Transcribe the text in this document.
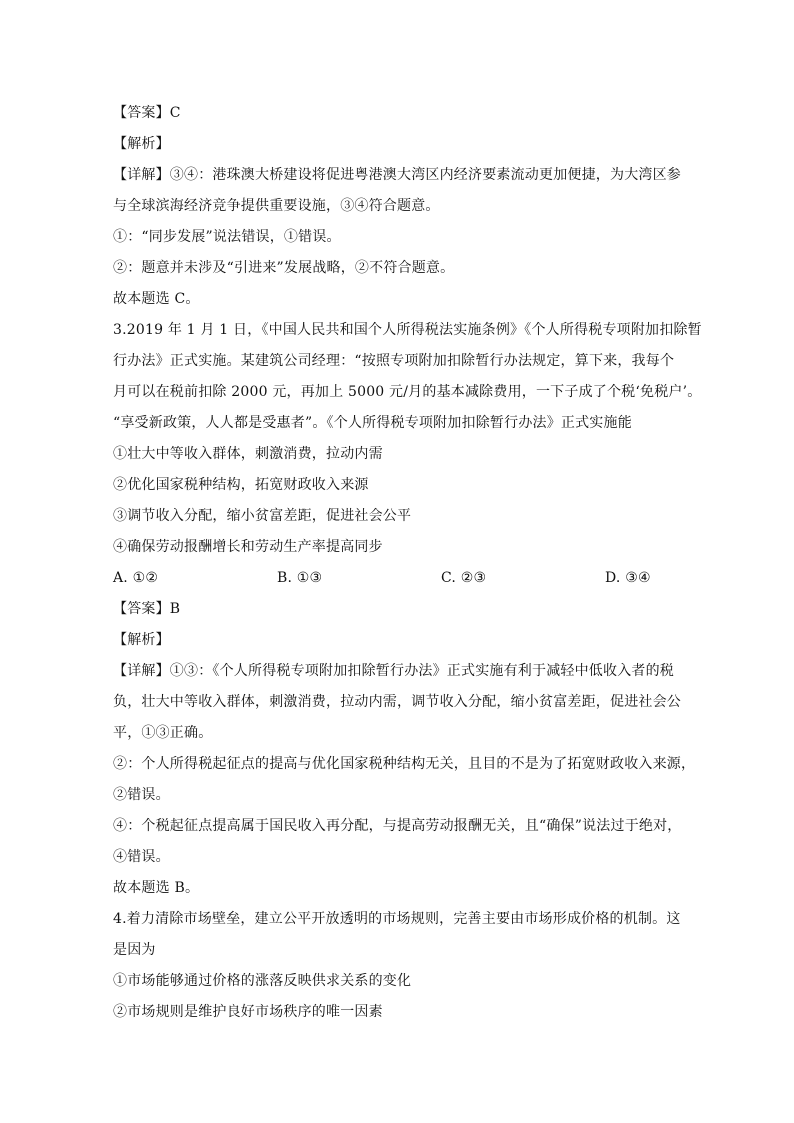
【答案】C
【解析】
【详解】③④：港珠澳大桥建设将促进粤港澳大湾区内经济要素流动更加便捷，为大湾区参
与全球滨海经济竞争提供重要设施，③④符合题意。
①：“同步发展”说法错误，①错误。
②：题意并未涉及“引进来”发展战略，②不符合题意。
故本题选 C。
3.2019 年 1 月 1 日，《中国人民共和国个人所得税法实施条例》《个人所得税专项附加扣除暂
行办法》正式实施。某建筑公司经理：“按照专项附加扣除暂行办法规定，算下来，我每个
月可以在税前扣除 2000 元，再加上 5000 元/月的基本减除费用，一下子成了个税‘免税户’。
“享受新政策，人人都是受惠者”。《个人所得税专项附加扣除暂行办法》正式实施能
①壮大中等收入群体，刺激消费，拉动内需
②优化国家税种结构，拓宽财政收入来源
③调节收入分配，缩小贫富差距，促进社会公平
④确保劳动报酬增长和劳动生产率提高同步
A. ①②	B. ①③	C. ②③	D. ③④
【答案】B
【解析】
【详解】①③：《个人所得税专项附加扣除暂行办法》正式实施有利于减轻中低收入者的税
负，壮大中等收入群体，刺激消费，拉动内需，调节收入分配，缩小贫富差距，促进社会公
平，①③正确。
②：个人所得税起征点的提高与优化国家税种结构无关，且目的不是为了拓宽财政收入来源，
②错误。
④：个税起征点提高属于国民收入再分配，与提高劳动报酬无关，且“确保”说法过于绝对，
④错误。
故本题选 B。
4.着力清除市场壁垒，建立公平开放透明的市场规则，完善主要由市场形成价格的机制。这
是因为
①市场能够通过价格的涨落反映供求关系的变化
②市场规则是维护良好市场秩序的唯一因素
